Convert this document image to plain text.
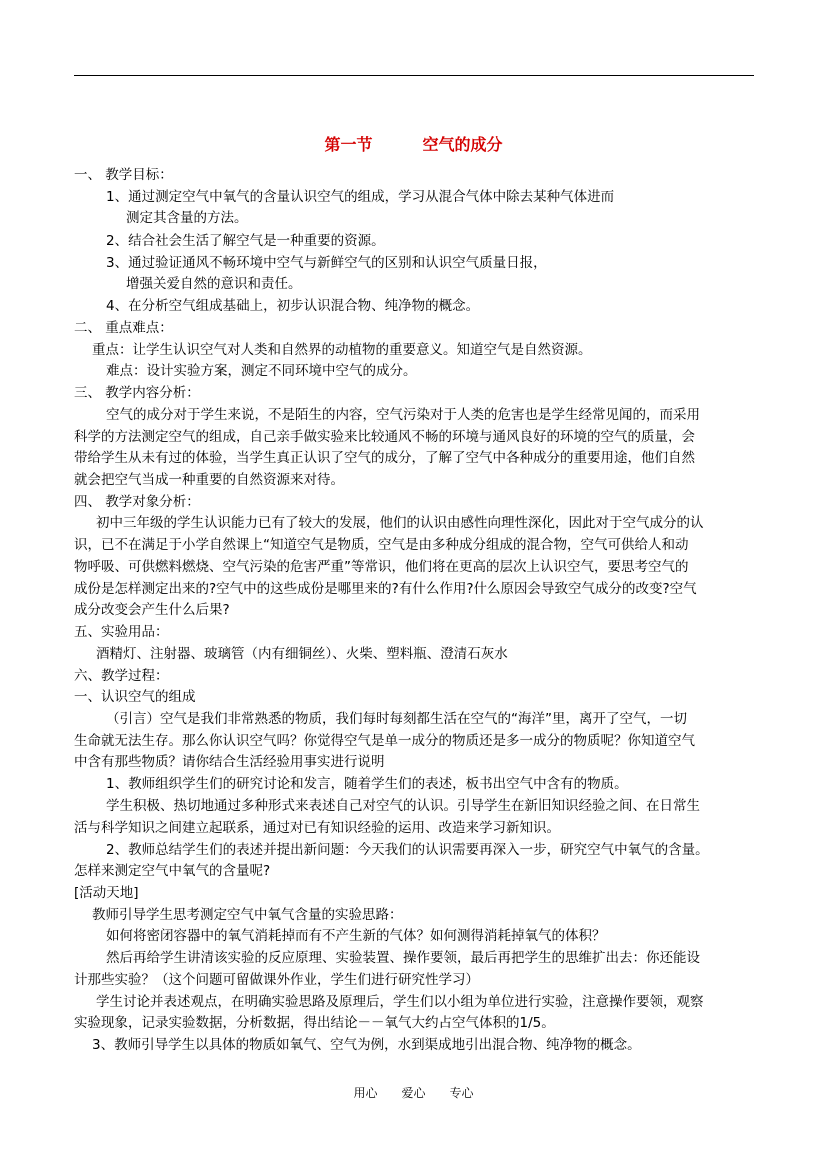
第一节	空气的成分
一、 教学目标：
1、通过测定空气中氧气的含量认识空气的组成，学习从混合气体中除去某种气体进而
测定其含量的方法。
2、结合社会生活了解空气是一种重要的资源。
3、通过验证通风不畅环境中空气与新鲜空气的区别和认识空气质量日报，
增强关爱自然的意识和责任。
4、在分析空气组成基础上，初步认识混合物、纯净物的概念。
二、 重点难点：
重点：让学生认识空气对人类和自然界的动植物的重要意义。知道空气是自然资源。
难点：设计实验方案，测定不同环境中空气的成分。
三、 教学内容分析：
空气的成分对于学生来说，不是陌生的内容，空气污染对于人类的危害也是学生经常见闻的，而采用
科学的方法测定空气的组成，自己亲手做实验来比较通风不畅的环境与通风良好的环境的空气的质量，会
带给学生从未有过的体验，当学生真正认识了空气的成分，了解了空气中各种成分的重要用途，他们自然
就会把空气当成一种重要的自然资源来对待。
四、 教学对象分析：
初中三年级的学生认识能力已有了较大的发展，他们的认识由感性向理性深化，因此对于空气成分的认
识，已不在满足于小学自然课上“知道空气是物质，空气是由多种成分组成的混合物，空气可供给人和动
物呼吸、可供燃料燃烧、空气污染的危害严重”等常识，他们将在更高的层次上认识空气，要思考空气的
成份是怎样测定出来的?空气中的这些成份是哪里来的?有什么作用?什么原因会导致空气成分的改变?空气
成分改变会产生什么后果?
五、实验用品：
酒精灯、注射器、玻璃管（内有细铜丝）、火柴、塑料瓶、澄清石灰水
六、教学过程：
一、认识空气的组成
（引言）空气是我们非常熟悉的物质，我们每时每刻都生活在空气的“海洋”里，离开了空气，一切
生命就无法生存。那么你认识空气吗？你觉得空气是单一成分的物质还是多一成分的物质呢？你知道空气
中含有那些物质？请你结合生活经验用事实进行说明
1、教师组织学生们的研究讨论和发言，随着学生们的表述，板书出空气中含有的物质。
学生积极、热切地通过多种形式来表述自己对空气的认识。引导学生在新旧知识经验之间、在日常生
活与科学知识之间建立起联系，通过对已有知识经验的运用、改造来学习新知识。
2、教师总结学生们的表述并提出新问题：今天我们的认识需要再深入一步，研究空气中氧气的含量。
怎样来测定空气中氧气的含量呢?
[活动天地]
教师引导学生思考测定空气中氧气含量的实验思路：
如何将密闭容器中的氧气消耗掉而有不产生新的气体？如何测得消耗掉氧气的体积？
然后再给学生讲清该实验的反应原理、实验装置、操作要领，最后再把学生的思维扩出去：你还能设
计那些实验？（这个问题可留做课外作业，学生们进行研究性学习）
学生讨论并表述观点，在明确实验思路及原理后，学生们以小组为单位进行实验，注意操作要领，观察
实验现象，记录实验数据，分析数据，得出结论－－氧气大约占空气体积的1/5。
3、教师引导学生以具体的物质如氧气、空气为例，水到渠成地引出混合物、纯净物的概念。
用心 爱心 专心
